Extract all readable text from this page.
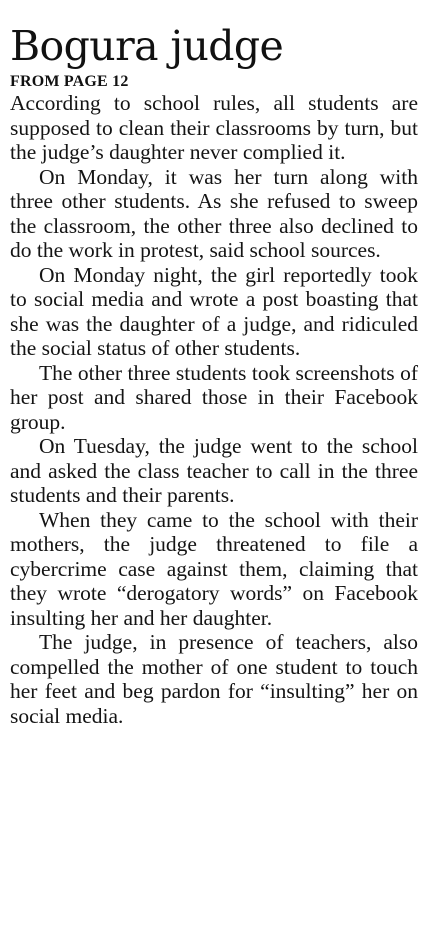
Bogura judge
FROM PAGE 12

According to school rules, all students are supposed to clean their classrooms by turn, but the judge’s daughter never complied it.

On Monday, it was her turn along with three other students. As she refused to sweep the classroom, the other three also declined to do the work in protest, said school sources.

On Monday night, the girl reportedly took to social media and wrote a post boasting that she was the daughter of a judge, and ridiculed the social status of other students.

The other three students took screenshots of her post and shared those in their Facebook group.

On Tuesday, the judge went to the school and asked the class teacher to call in the three students and their parents.

When they came to the school with their mothers, the judge threatened to file a cybercrime case against them, claiming that they wrote “derogatory words” on Facebook insulting her and her daughter.

The judge, in presence of teachers, also compelled the mother of one student to touch her feet and beg pardon for “insulting” her on social media.
